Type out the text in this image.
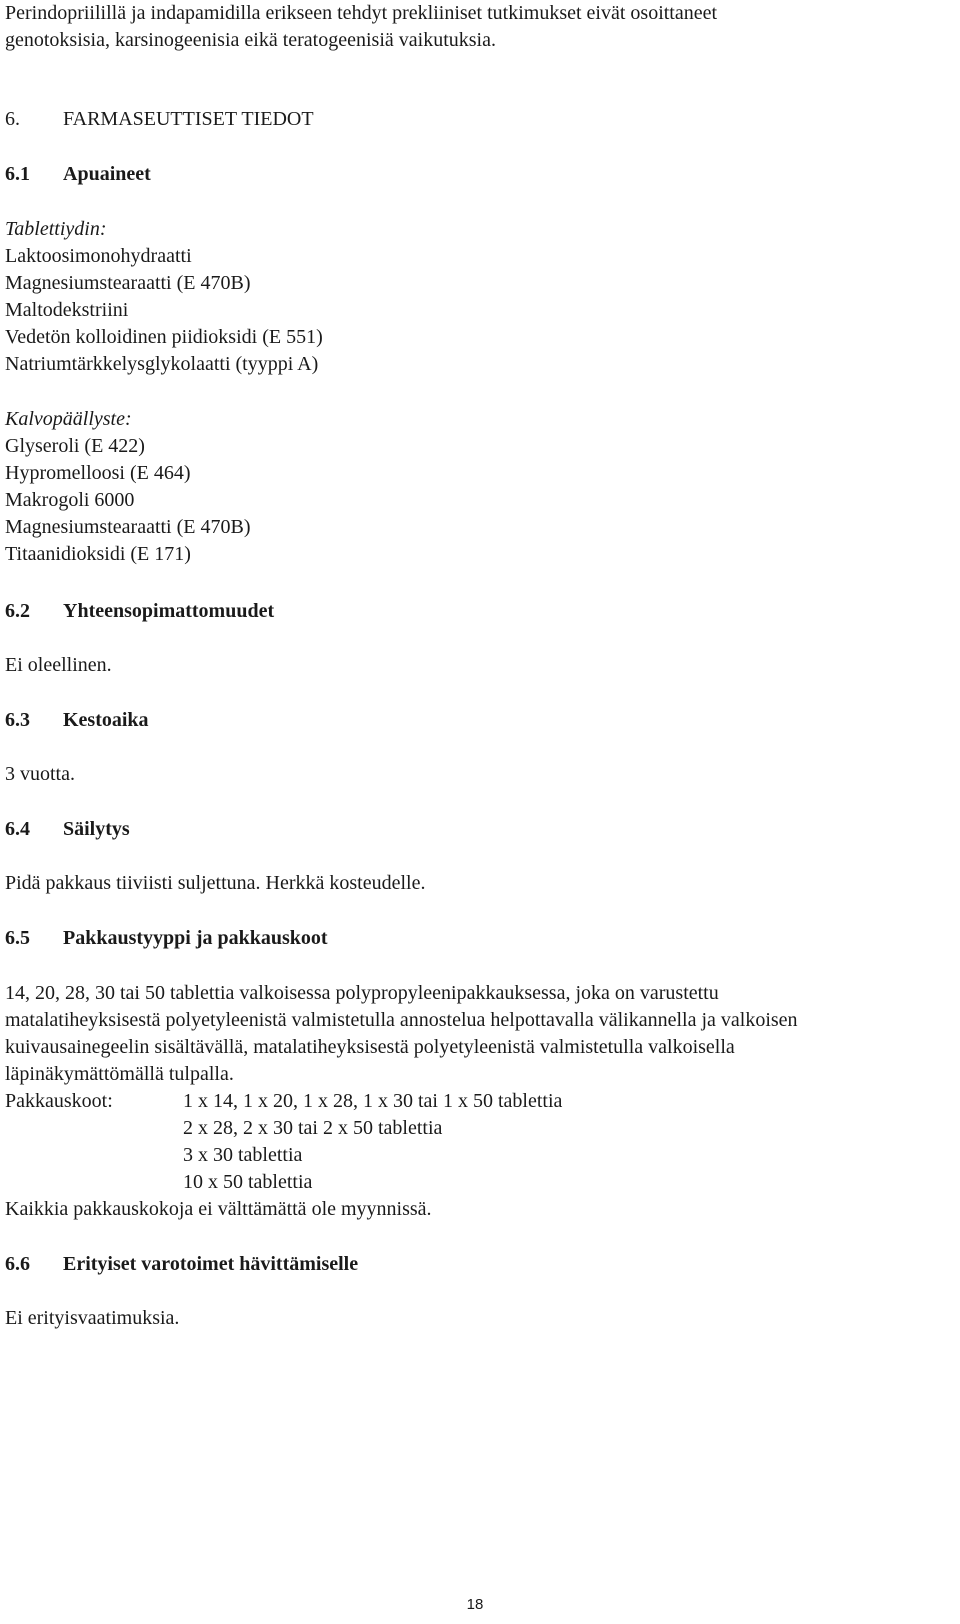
Perindopriilillä ja indapamidilla erikseen tehdyt prekliiniset tutkimukset eivät osoittaneet
genotoksisia, karsinogeenisia eikä teratogeenisiä vaikutuksia.
6. FARMASEUTTISET TIEDOT
6.1 Apuaineet
Tablettiydin:
Laktoosimonohydraatti
Magnesiumstearaatti (E 470B)
Maltodekstriini
Vedetön kolloidinen piidioksidi (E 551)
Natriumtärkkelysglykolaatti (tyyppi A)
Kalvopäällyste:
Glyseroli (E 422)
Hypromelloosi (E 464)
Makrogoli 6000
Magnesiumstearaatti (E 470B)
Titaanidioksidi (E 171)
6.2 Yhteensopimattomuudet
Ei oleellinen.
6.3 Kestoaika
3 vuotta.
6.4 Säilytys
Pidä pakkaus tiiviisti suljettuna. Herkkä kosteudelle.
6.5 Pakkaustyyppi ja pakkauskoot
14, 20, 28, 30 tai 50 tablettia valkoisessa polypropyleenipakkauksessa, joka on varustettu
matalatiheyksisestä polyetyleenistä valmistetulla annostelua helpottavalla välikannella ja valkoisen
kuivausainegeelin sisältävällä, matalatiheyksisestä polyetyleenistä valmistetulla valkoisella
läpinäkymättömällä tulpalla.
Pakkauskoot:	1 x 14, 1 x 20, 1 x 28, 1 x 30 tai 1 x 50 tablettia
2 x 28, 2 x 30 tai 2 x 50 tablettia
3 x 30 tablettia
10 x 50 tablettia
Kaikkia pakkauskokoja ei välttämättä ole myynnissä.
6.6 Erityiset varotoimet hävittämiselle
Ei erityisvaatimuksia.
18
